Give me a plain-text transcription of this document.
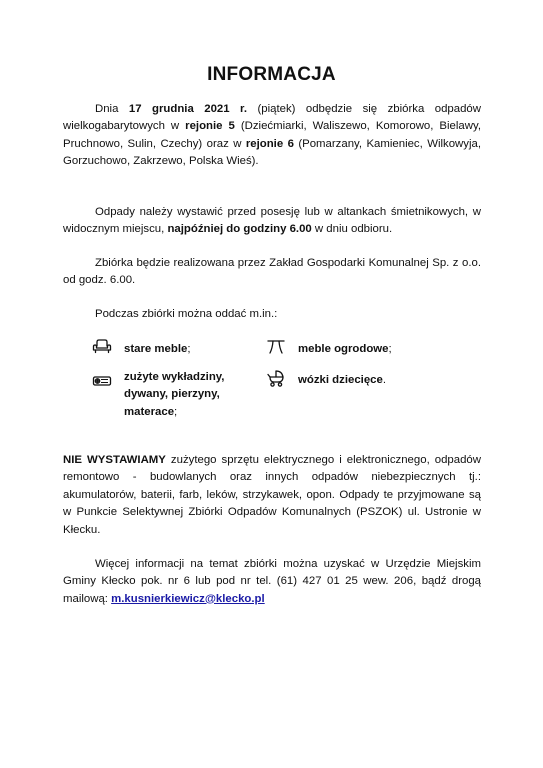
INFORMACJA

Dnia 17 grudnia 2021 r. (piątek) odbędzie się zbiórka odpadów wielkogabarytowych w rejonie 5 (Dziećmiarki, Waliszewo, Komorowo, Bielawy, Pruchnowo, Sulin, Czechy) oraz w rejonie 6 (Pomarzany, Kamieniec, Wilkowyja, Gorzuchowo, Zakrzewo, Polska Wieś).

Odpady należy wystawić przed posesję lub w altankach śmietnikowych, w widocznym miejscu, najpóźniej do godziny 6.00 w dniu odbioru.

Zbiórka będzie realizowana przez Zakład Gospodarki Komunalnej Sp. z o.o. od godz. 6.00.

Podczas zbiórki można oddać m.in.:

stare meble;	meble ogrodowe;
zużyte wykładziny,
dywany, pierzyny,
materace;
wózki dziecięce.

NIE WYSTAWIAMY zużytego sprzętu elektrycznego i elektronicznego, odpadów remontowo - budowlanych oraz innych odpadów niebezpiecznych tj.: akumulatorów, baterii, farb, leków, strzykawek, opon. Odpady te przyjmowane są w Punkcie Selektywnej Zbiórki Odpadów Komunalnych (PSZOK) ul. Ustronie w Kłecku.

Więcej informacji na temat zbiórki można uzyskać w Urzędzie Miejskim Gminy Kłecko pok. nr 6 lub pod nr tel. (61) 427 01 25 wew. 206, bądź drogą mailową: m.kusnierkiewicz@klecko.pl
